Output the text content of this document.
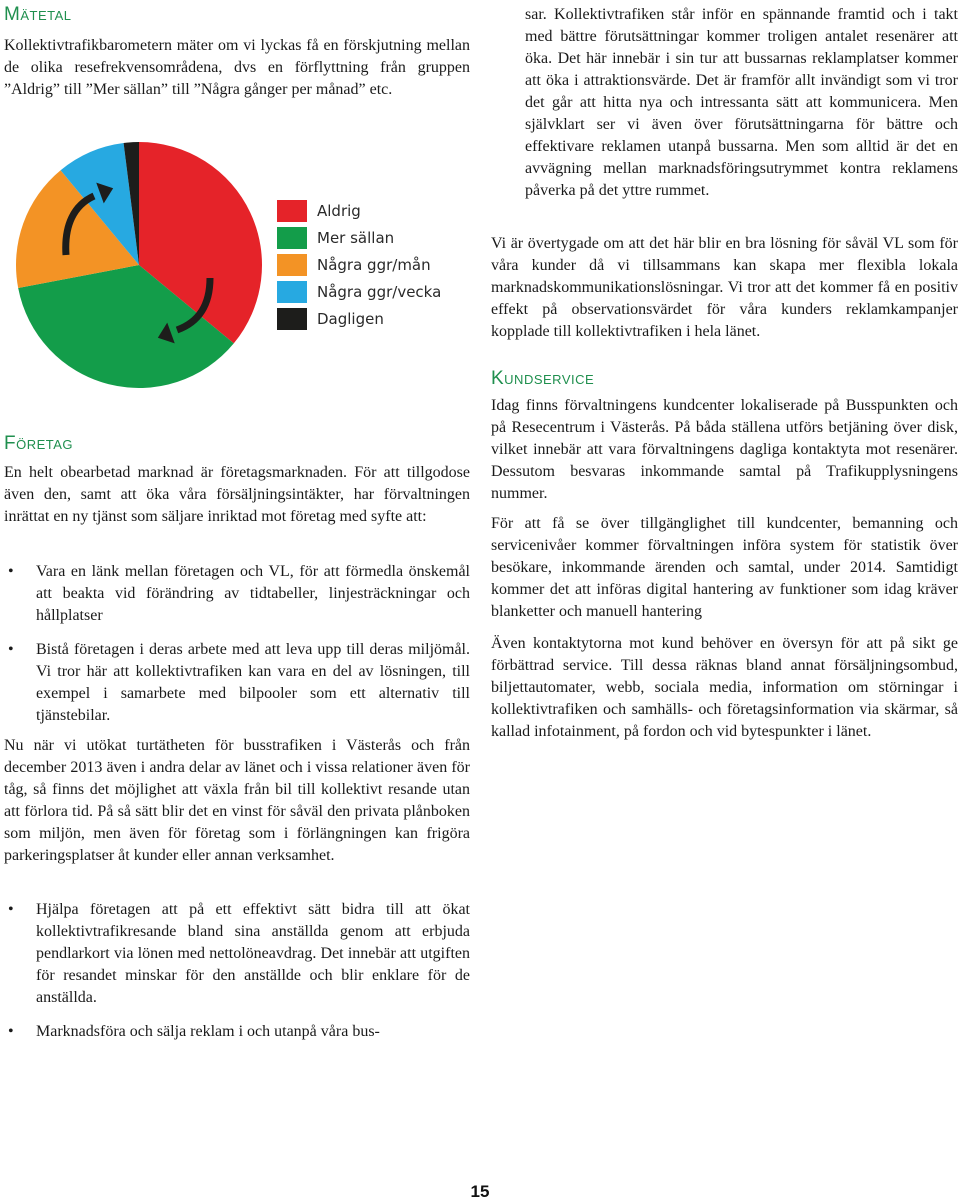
Mätetal
Kollektivtrafikbarometern mäter om vi lyckas få en förskjutning mellan de olika resefrekvensområdena, dvs en förflyttning från gruppen ”Aldrig” till ”Mer sällan” till ”Några gånger per månad” etc.
Aldrig
Mer sällan
Några ggr/mån
Några ggr/vecka
Dagligen
Företag
En helt obearbetad marknad är företagsmarknaden. För att tillgodose även den, samt att öka våra försäljningsintäkter, har förvaltningen inrättat en ny tjänst som säljare inriktad mot företag med syfte att:
• Vara en länk mellan företagen och VL, för att förmedla önskemål att beakta vid förändring av tidtabeller, linjesträckningar och hållplatser
• Bistå företagen i deras arbete med att leva upp till deras miljömål. Vi tror här att kollektivtrafiken kan vara en del av lösningen, till exempel i samarbete med bilpooler som ett alternativ till tjänstebilar.
Nu när vi utökat turtätheten för busstrafiken i Västerås och från december 2013 även i andra delar av länet och i vissa relationer även för tåg, så finns det möjlighet att växla från bil till kollektivt resande utan att förlora tid. På så sätt blir det en vinst för såväl den privata plånboken som miljön, men även för företag som i förlängningen kan frigöra parkeringsplatser åt kunder eller annan verksamhet.
• Hjälpa företagen att på ett effektivt sätt bidra till att ökat kollektivtrafikresande bland sina anställda genom att erbjuda pendlarkort via lönen med nettolöneavdrag. Det innebär att utgiften för resandet minskar för den anställde och blir enklare för de anställda.
• Marknadsföra och sälja reklam i och utanpå våra bus-
sar. Kollektivtrafiken står inför en spännande framtid och i takt med bättre förutsättningar kommer troligen antalet resenärer att öka. Det här innebär i sin tur att bussarnas reklamplatser kommer att öka i attraktionsvärde. Det är framför allt invändigt som vi tror det går att hitta nya och intressanta sätt att kommunicera. Men självklart ser vi även över förutsättningarna för bättre och effektivare reklamen utanpå bussarna. Men som alltid är det en avvägning mellan marknadsföringsutrymmet kontra reklamens påverka på det yttre rummet.
Vi är övertygade om att det här blir en bra lösning för såväl VL som för våra kunder då vi tillsammans kan skapa mer flexibla lokala marknadskommunikationslösningar. Vi tror att det kommer få en positiv effekt på observationsvärdet för våra kunders reklamkampanjer kopplade till kollektivtrafiken i hela länet.
Kundservice
Idag finns förvaltningens kundcenter lokaliserade på Busspunkten och på Resecentrum i Västerås. På båda ställena utförs betjäning över disk, vilket innebär att vara förvaltningens dagliga kontaktyta mot resenärer. Dessutom besvaras inkommande samtal på Trafikupplysningens nummer.
För att få se över tillgänglighet till kundcenter, bemanning och servicenivåer kommer förvaltningen införa system för statistik över besökare, inkommande ärenden och samtal, under 2014. Samtidigt kommer det att införas digital hantering av funktioner som idag kräver blanketter och manuell hantering
Även kontaktytorna mot kund behöver en översyn för att på sikt ge förbättrad service. Till dessa räknas bland annat försäljningsombud, biljettautomater, webb, sociala media, information om störningar i kollektivtrafiken och samhälls- och företagsinformation via skärmar, så kallad infotainment, på fordon och vid bytespunkter i länet.
15
